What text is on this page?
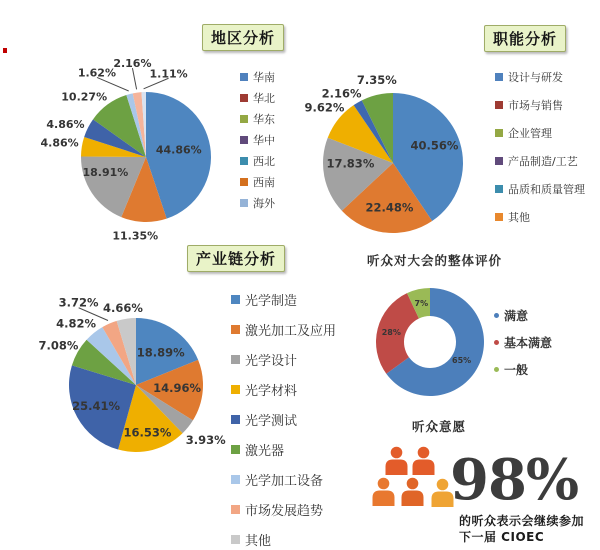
44.86%
11.35%
18.91%
4.86%
4.86%
10.27%
1.62%
2.16%
1.11%
40.56%
22.48%
17.83%
9.62%
2.16%
7.35%
18.89%
14.96%
3.93%
16.53%
25.41%
7.08%
4.82%
3.72% 4.66%
65%
28%
7%
地区分析	职能分析
产业链分析	听众对大会的整体评价
华南
华北
华东
华中
西北
西南
海外
设计与研发
市场与销售
企业管理
产品制造/工艺
品质和质量管理
其他
光学制造
激光加工及应用
光学设计
光学材料
光学测试
激光器
光学加工设备
市场发展趋势
其他
满意
基本满意
一般
听众意愿
98%
的听众表示会继续参加
下一届 CIOEC
